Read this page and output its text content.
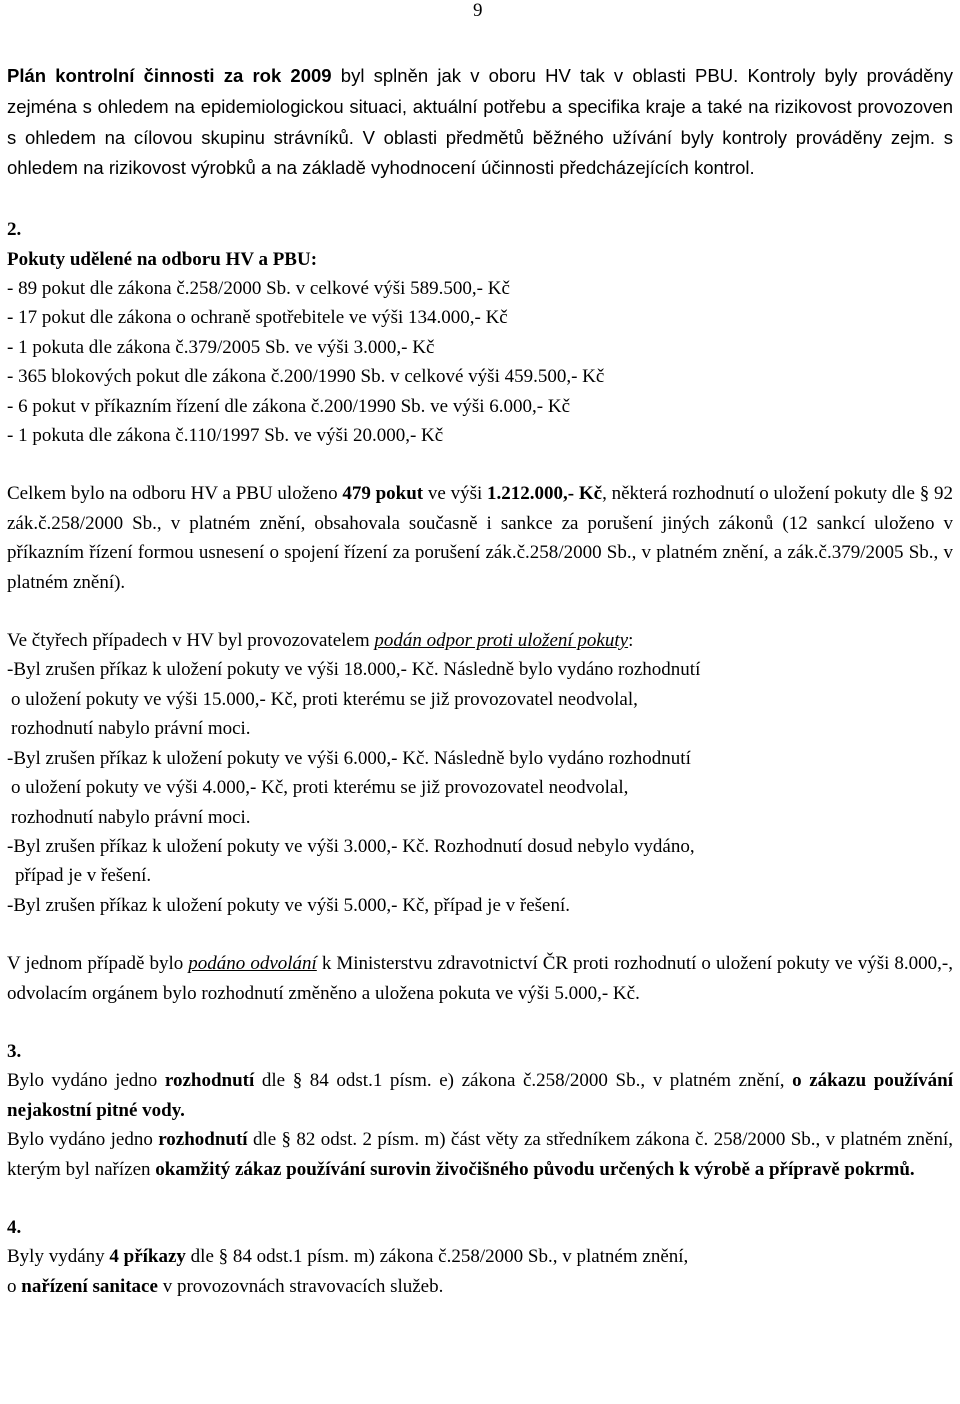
9
Plán kontrolní činnosti za rok 2009 byl splněn jak v oboru HV tak v oblasti PBU. Kontroly byly prováděny zejména s ohledem na epidemiologickou situaci, aktuální potřebu a specifika kraje a také na rizikovost provozoven s ohledem na cílovou skupinu strávníků. V oblasti předmětů běžného užívání byly kontroly prováděny zejm. s ohledem na rizikovost výrobků a na základě vyhodnocení účinnosti předcházejících kontrol.
2.
Pokuty udělené na odboru HV a PBU:
- 89 pokut dle zákona č.258/2000 Sb. v celkové výši 589.500,- Kč
- 17 pokut dle zákona o ochraně spotřebitele ve výši 134.000,- Kč
- 1 pokuta dle zákona č.379/2005 Sb. ve výši 3.000,- Kč
- 365 blokových pokut dle zákona č.200/1990 Sb. v celkové výši 459.500,- Kč
- 6 pokut v příkazním řízení dle zákona č.200/1990 Sb. ve výši 6.000,- Kč
- 1 pokuta dle zákona č.110/1997 Sb. ve výši 20.000,- Kč
Celkem bylo na odboru HV a PBU uloženo 479 pokut ve výši 1.212.000,- Kč, některá rozhodnutí o uložení pokuty dle § 92 zák.č.258/2000 Sb., v platném znění, obsahovala současně i sankce za porušení jiných zákonů (12 sankcí uloženo v příkazním řízení formou usnesení o spojení řízení za porušení zák.č.258/2000 Sb., v platném znění, a zák.č.379/2005 Sb., v platném znění).
Ve čtyřech případech v HV byl provozovatelem podán odpor proti uložení pokuty:
-Byl zrušen příkaz k uložení pokuty ve výši 18.000,- Kč. Následně bylo vydáno rozhodnutí
o uložení pokuty ve výši 15.000,- Kč, proti kterému se již provozovatel neodvolal,
rozhodnutí nabylo právní moci.
-Byl zrušen příkaz k uložení pokuty ve výši 6.000,- Kč. Následně bylo vydáno rozhodnutí
o uložení pokuty ve výši 4.000,- Kč, proti kterému se již provozovatel neodvolal,
rozhodnutí nabylo právní moci.
-Byl zrušen příkaz k uložení pokuty ve výši 3.000,- Kč. Rozhodnutí dosud nebylo vydáno,
případ je v řešení.
-Byl zrušen příkaz k uložení pokuty ve výši 5.000,- Kč, případ je v řešení.
V jednom případě bylo podáno odvolání k Ministerstvu zdravotnictví ČR proti rozhodnutí o uložení pokuty ve výši 8.000,-, odvolacím orgánem bylo rozhodnutí změněno a uložena pokuta ve výši 5.000,- Kč.
3.
Bylo vydáno jedno rozhodnutí dle § 84 odst.1 písm. e) zákona č.258/2000 Sb., v platném znění, o zákazu používání nejakostní pitné vody.
Bylo vydáno jedno rozhodnutí dle § 82 odst. 2 písm. m) část věty za středníkem zákona č. 258/2000 Sb., v platném znění, kterým byl nařízen okamžitý zákaz používání surovin živočišného původu určených k výrobě a přípravě pokrmů.
4.
Byly vydány 4 příkazy dle § 84 odst.1 písm. m) zákona č.258/2000 Sb., v platném znění,
o nařízení sanitace v provozovnách stravovacích služeb.
